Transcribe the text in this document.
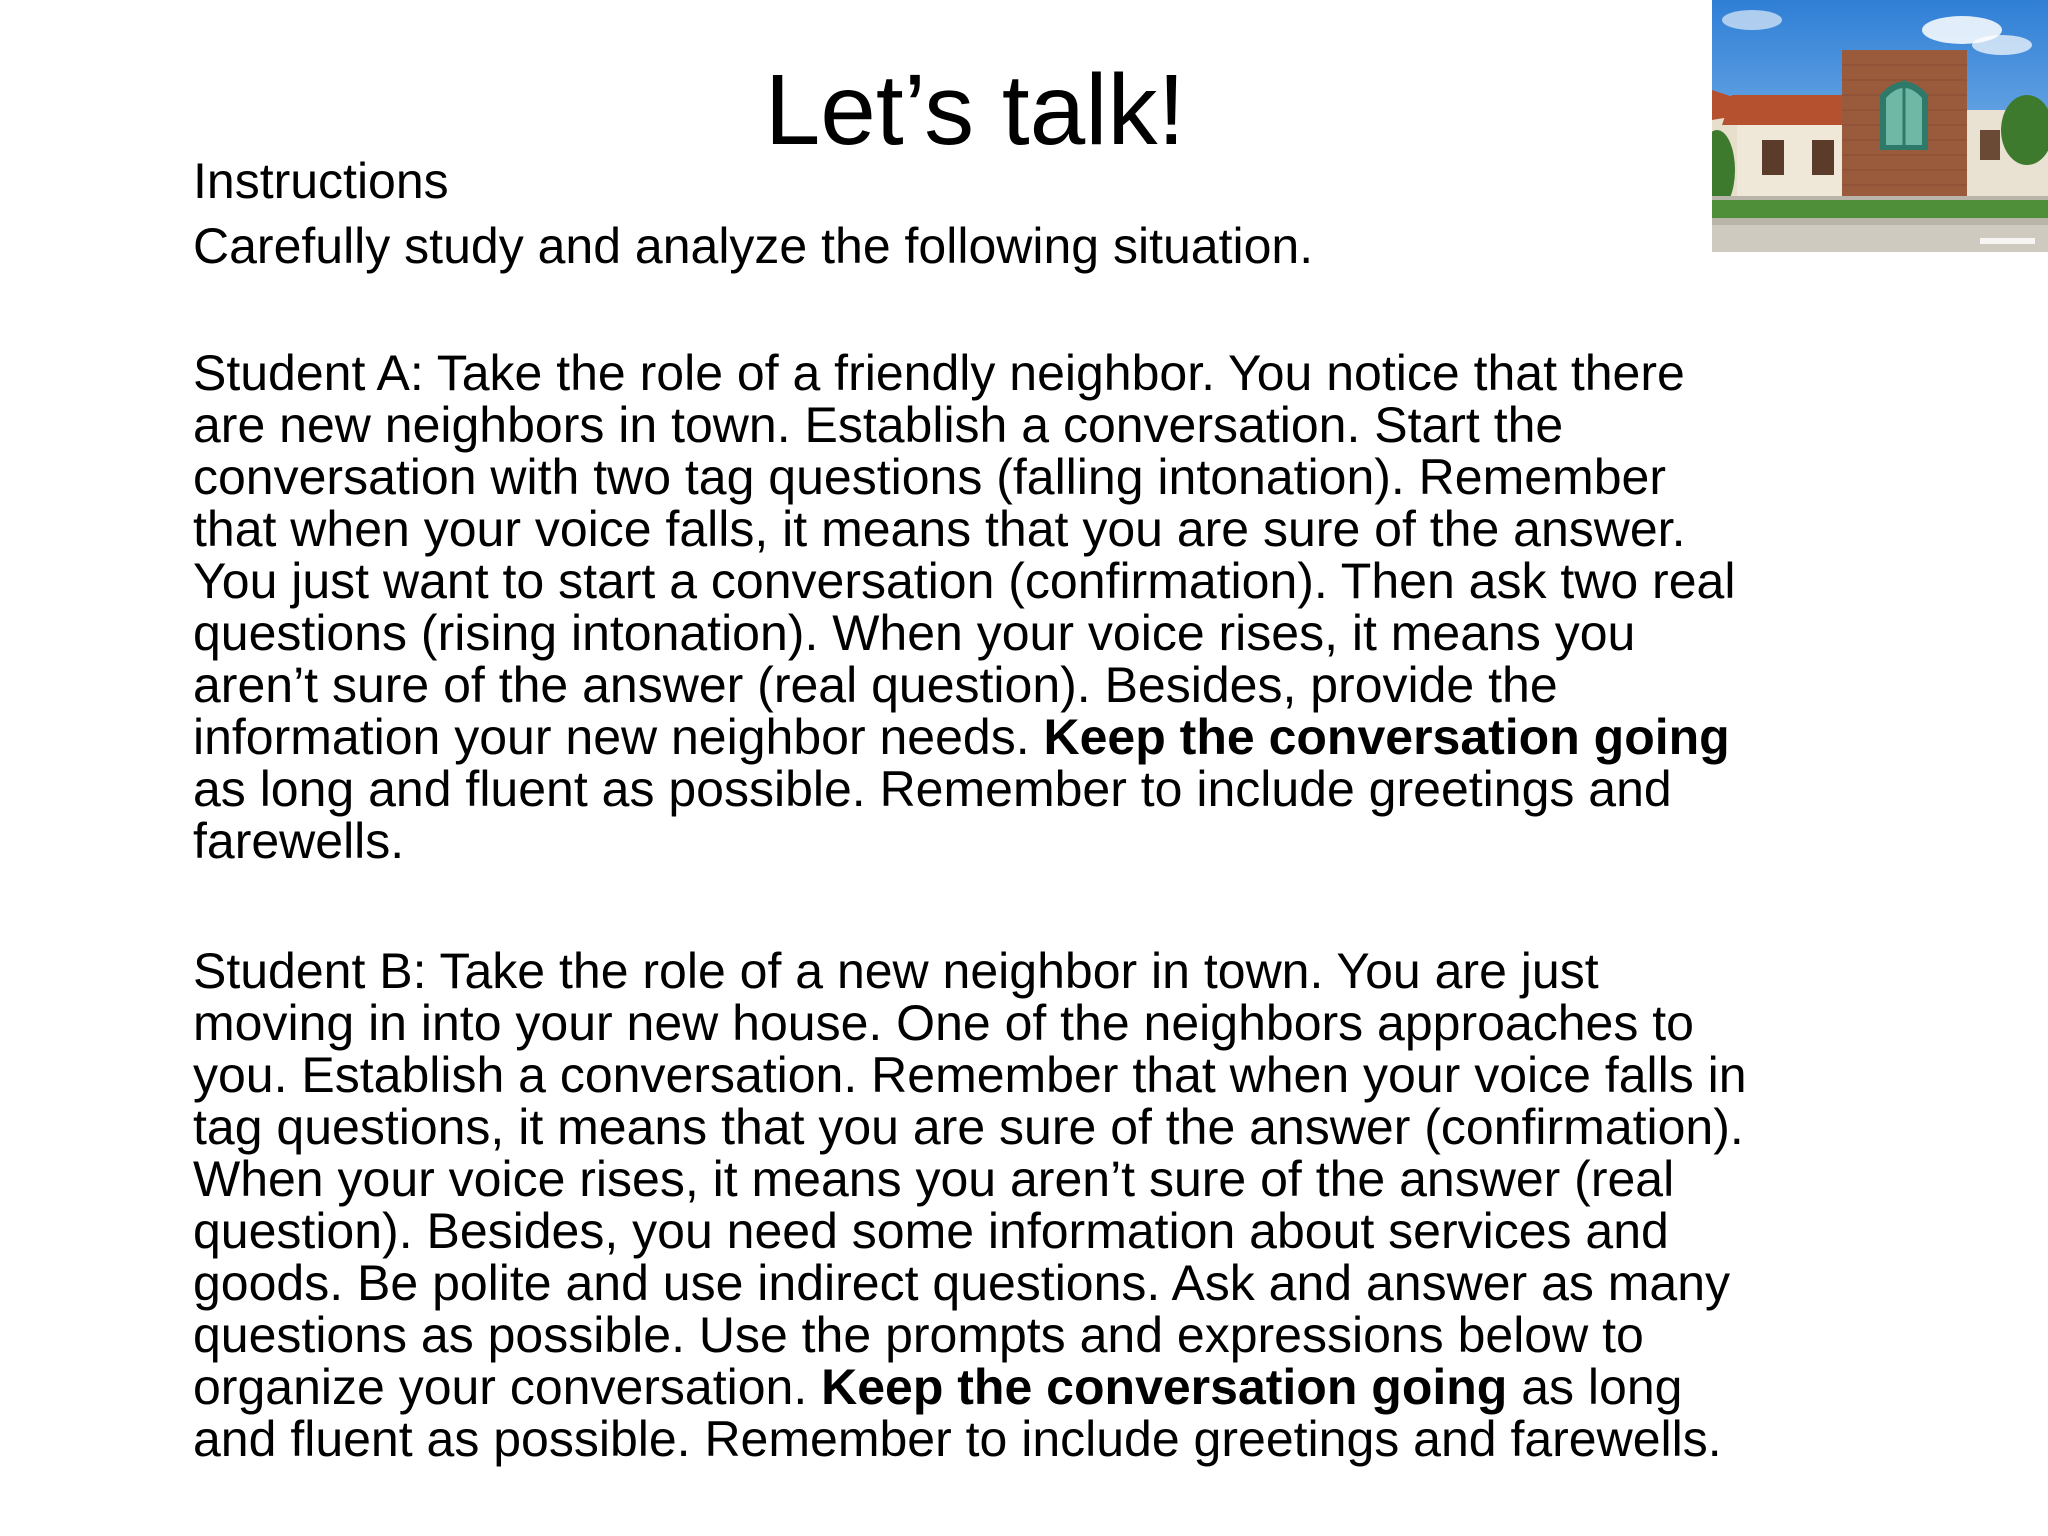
Let’s talk!
Instructions
Carefully study and analyze the following situation.
Student A: Take the role of a friendly neighbor. You notice that there
are new neighbors in town. Establish a conversation. Start the
conversation with two tag questions (falling intonation). Remember
that when your voice falls, it means that you are sure of the answer.
You just want to start a conversation (confirmation). Then ask two real
questions (rising intonation). When your voice rises, it means you
aren’t sure of the answer (real question). Besides, provide the
information your new neighbor needs. Keep the conversation going
as long and fluent as possible. Remember to include greetings and
farewells.
Student B: Take the role of a new neighbor in town. You are just
moving in into your new house. One of the neighbors approaches to
you. Establish a conversation. Remember that when your voice falls in
tag questions, it means that you are sure of the answer (confirmation).
When your voice rises, it means you aren’t sure of the answer (real
question). Besides, you need some information about services and
goods. Be polite and use indirect questions. Ask and answer as many
questions as possible. Use the prompts and expressions below to
organize your conversation. Keep the conversation going as long
and fluent as possible. Remember to include greetings and farewells.
